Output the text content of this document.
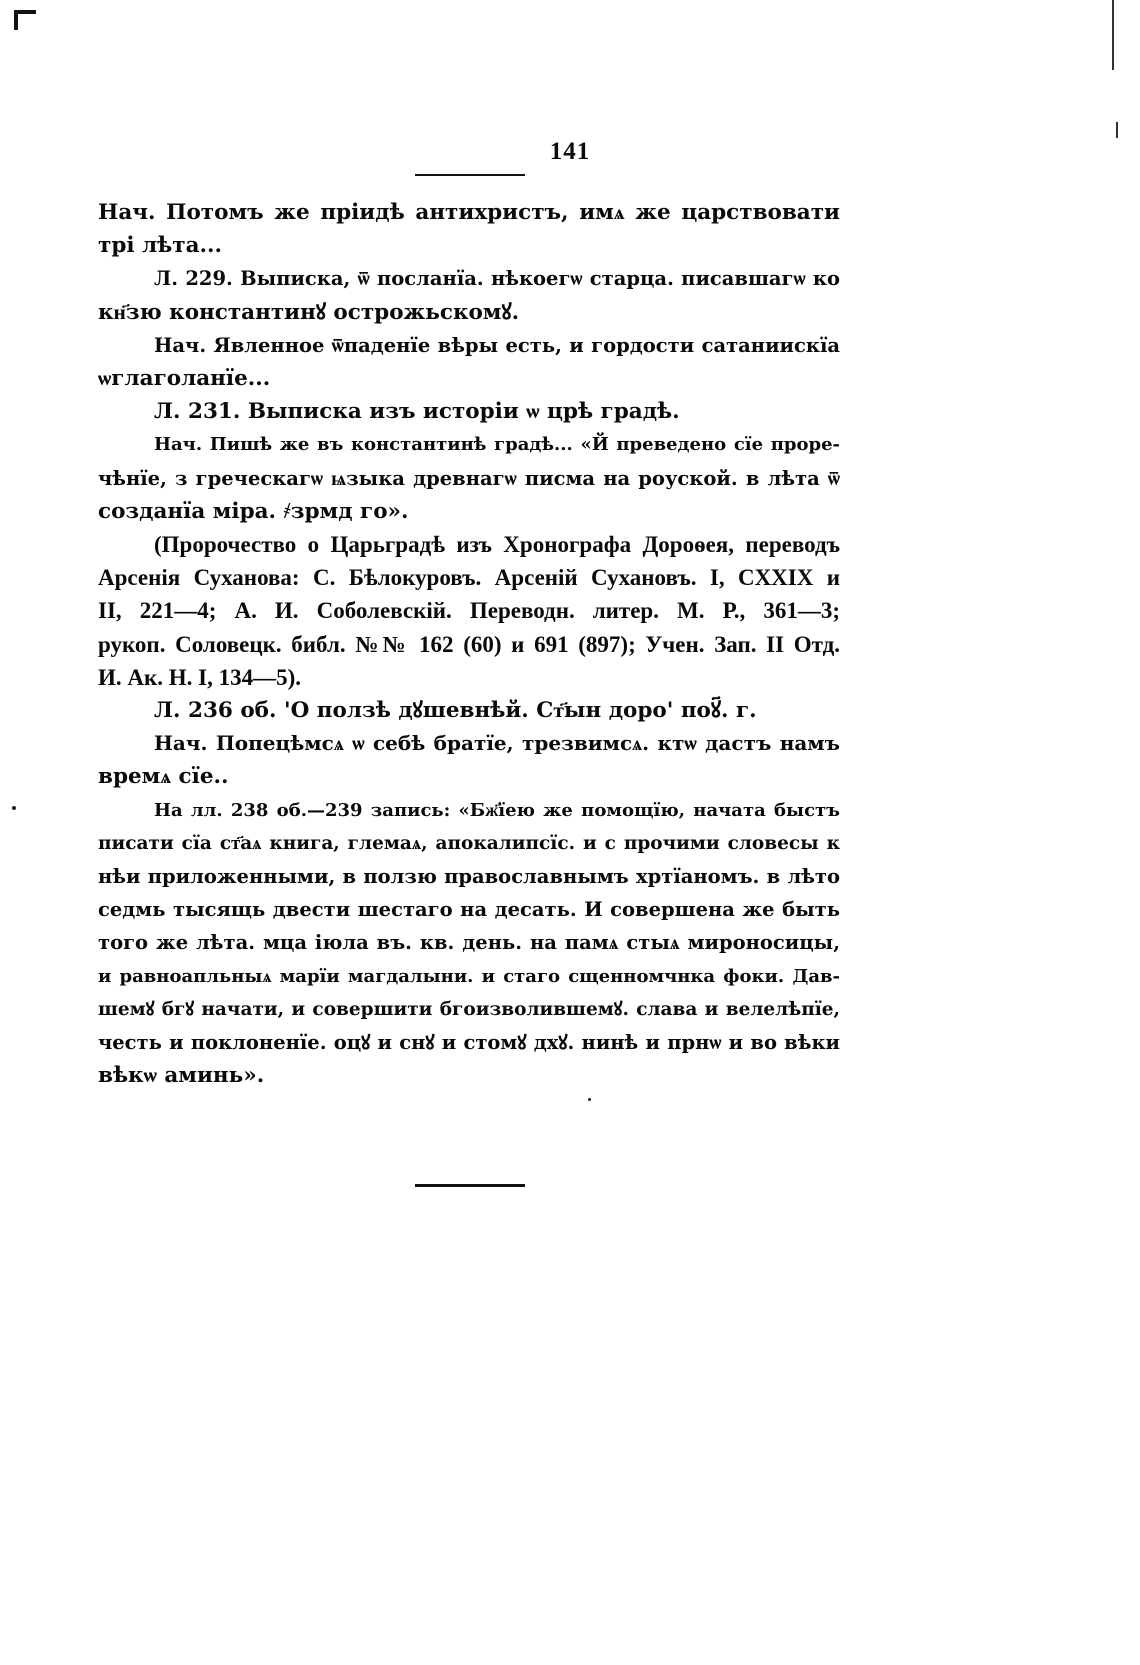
141
Нач. Потомъ же пріидѣ антихристъ, имѧ же царствовати
трі лѣта...
Л. 229. Выписка, ѿ посланїа. нѣкоегѡ старца. писавшагѡ ко
кн҃зю константинꙋ острожьскомꙋ.
Нач. Явленное ѿпаденїе вѣры есть, и гордости сатаниискїа
ѡглаголанїе...
Л. 231. Выписка изъ исторіи ѡ црѣ градѣ.
Нач. Пишѣ же въ константинѣ градѣ... «Й преведено сїе проре-
чѣнїе, з греческагѡ ѩзыка древнагѡ писма на роуской. в лѣта ѿ
созданїа міра. ҂зрмд го».
(Пророчество о Царьградѣ изъ Хронографа Дороѳея, переводъ
Арсенія Суханова: С. Бѣлокуровъ. Арсеній Сухановъ. I, CXXIX и
II, 221—4; А. И. Соболевскій. Переводн. литер. М. Р., 361—3;
рукоп. Соловецк. библ. №№ 162 (60) и 691 (897); Учен. Зап. II Отд.
И. Ак. Н. I, 134—5).
Л. 236 об. 'О ползѣ дꙋшевнѣй. Ст҃ын доро' поꙋ҃. г.
Нач. Попецѣмсѧ ѡ себѣ братїе, трезвимсѧ. ктѡ дастъ намъ
времѧ сїе..
На лл. 238 об.—239 запись: «Бж҃їею же помощїю, начата быстъ
писати сїа ст҃аѧ книга, глемаѧ, апокалипсїс. и с прочими словесы к
нѣи приложенными, в ползю православнымъ хртїаномъ. в лѣто
седмь тысящь двести шестаго на десать. И совершена же быть
того же лѣта. мца іюла въ. кв. день. на памѧ стыѧ мироносицы,
и равноапльныѧ марїи магдалыни. и стаго сщенномчнка фоки. Дав-
шемꙋ бгꙋ начати, и совершити бгоизволившемꙋ. слава и велелѣпїе,
честь и поклоненїе. оцꙋ и снꙋ и стомꙋ дхꙋ. нинѣ и прнѡ и во вѣки
вѣкѡ аминь».
